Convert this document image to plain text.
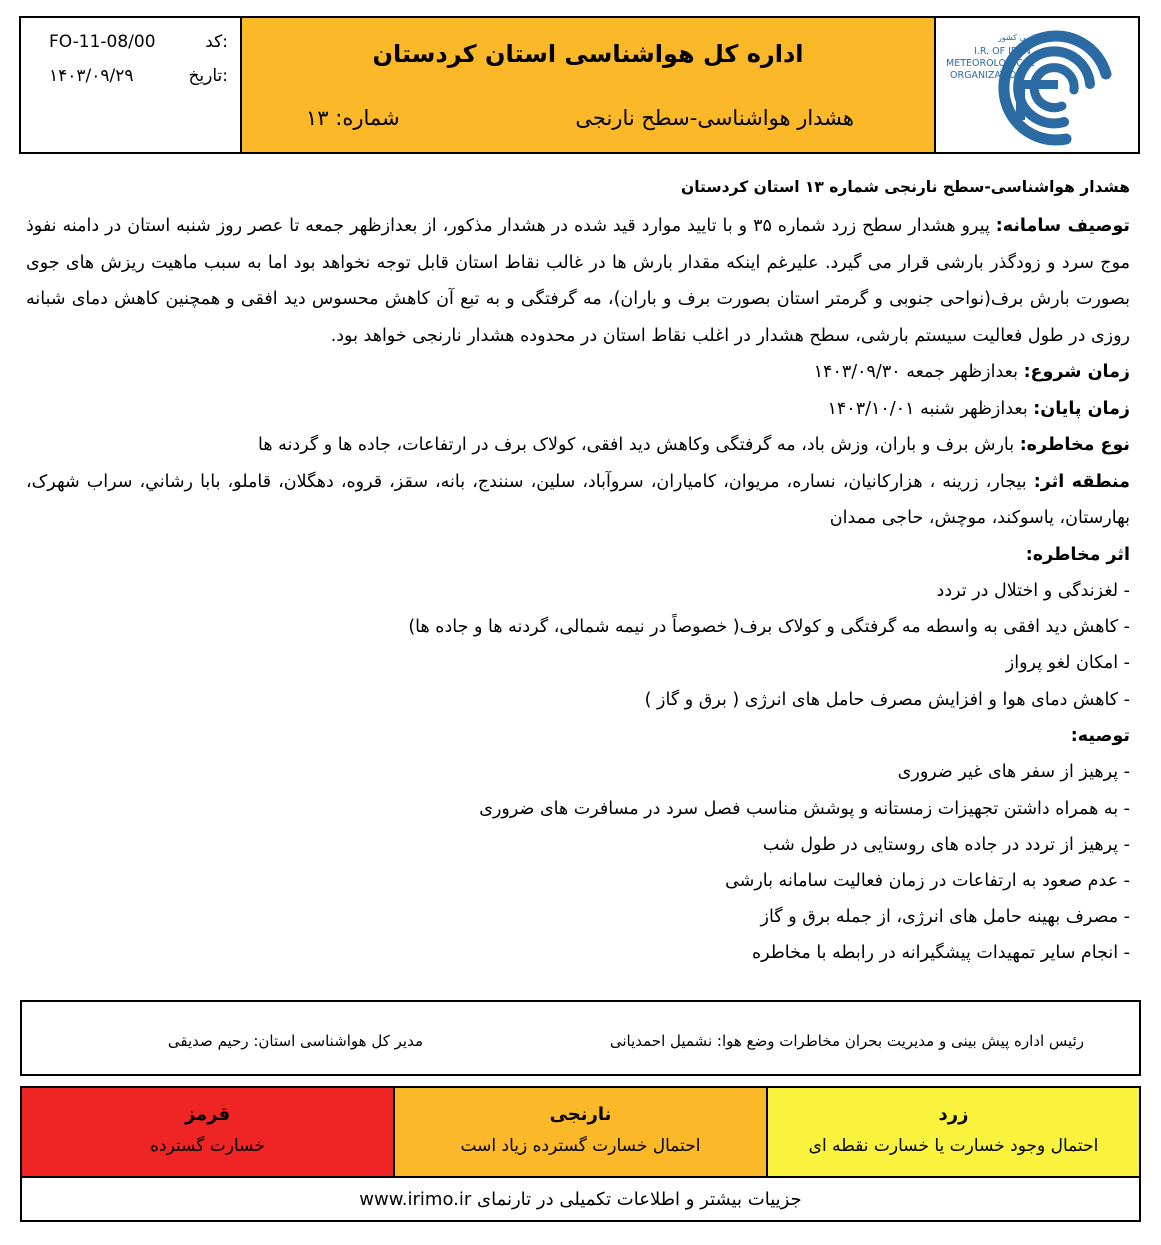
FO-11-08/00	کد:
۱۴۰۳/۰۹/۲۹	تاریخ:
اداره کل هواشناسی استان کردستان
هشدار هواشناسی-سطح نارنجی
شماره: ۱۳
سازمان هواشناسی کشور
I.R. OF IRAN
METEOROLOGICAL
ORGANIZATION
هشدار هواشناسی-سطح نارنجی شماره ۱۳ استان کردستان
توصیف سامانه: پیرو هشدار سطح زرد شماره ۳۵ و با تایید موارد قید شده در هشدار مذکور، از بعدازظهر جمعه تا عصر روز شنبه استان در دامنه نفوذ موج سرد و زودگذر بارشی قرار می گیرد. علیرغم اینکه مقدار بارش ها در غالب نقاط استان قابل توجه نخواهد بود اما به سبب ماهیت ریزش های جوی بصورت بارش برف(نواحی جنوبی و گرمتر استان بصورت برف و باران)، مه گرفتگی و به تبع آن کاهش محسوس دید افقی و همچنین کاهش دمای شبانه روزی در طول فعالیت سیستم بارشی، سطح هشدار در اغلب نقاط استان در محدوده هشدار نارنجی خواهد بود.
زمان شروع: بعدازظهر جمعه ۱۴۰۳/۰۹/۳۰
زمان پایان: بعدازظهر شنبه ۱۴۰۳/۱۰/۰۱
نوع مخاطره: بارش برف و باران، وزش باد، مه گرفتگی وکاهش دید افقی، کولاک برف در ارتفاعات، جاده ها و گردنه ها
منطقه اثر: بیجار، زرینه ، هزارکانیان، نساره، مریوان، کامیاران، سروآباد، سلین، سنندج، بانه، سقز، قروه، دهگلان، قاملو، بابا رشاني، سراب شهرک، بهارستان، یاسوکند، موچش، حاجی ممدان
اثر مخاطره:
- لغزندگی و اختلال در تردد
- کاهش دید افقی به واسطه مه گرفتگی و کولاک برف( خصوصاً در نیمه شمالی، گردنه ها و جاده ها)
- امکان لغو پرواز
- کاهش دمای هوا و افزایش مصرف حامل های انرژی ( برق و گاز )
توصیه:
- پرهیز از سفر های غیر ضروری
- به همراه داشتن تجهیزات زمستانه و پوشش مناسب فصل سرد در مسافرت های ضروری
- پرهیز از تردد در جاده های روستایی در طول شب
- عدم صعود به ارتفاعات در زمان فعالیت سامانه بارشی
- مصرف بهینه حامل های انرژی، از جمله برق و گاز
- انجام سایر تمهیدات پیشگیرانه در رابطه با مخاطره
رئیس اداره پیش بینی و مدیریت بحران مخاطرات وضع هوا: نشمیل احمدیانی
مدیر کل هواشناسی استان: رحیم صدیقی
قرمز
خسارت گسترده
نارنجی
احتمال خسارت گسترده زیاد است
زرد
احتمال وجود خسارت یا خسارت نقطه ای
جزییات بیشتر و اطلاعات تکمیلی در تارنمای www.irimo.ir
